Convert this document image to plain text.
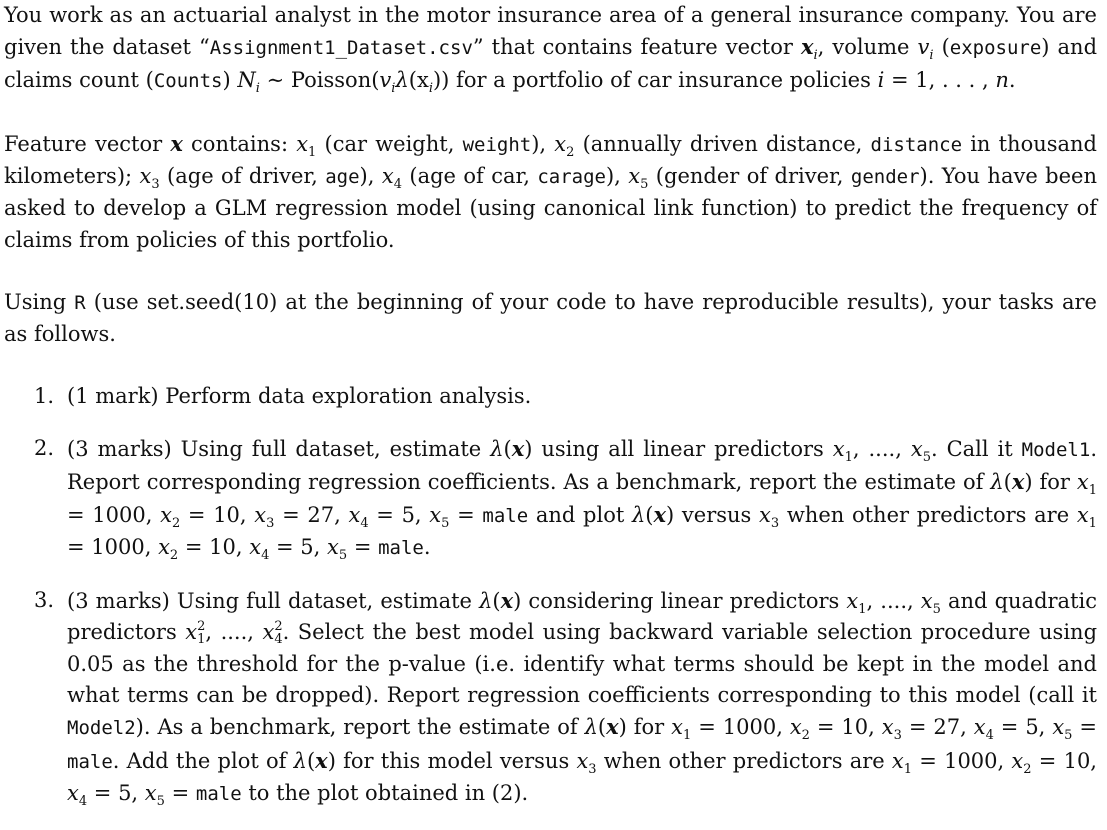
You work as an actuarial analyst in the motor insurance area of a general insurance company. You are given the dataset “Assignment1_Dataset.csv” that contains feature vector $x_i$, volume $v_i$ (exposure) and claims count (Counts) $N_i$ ∼ $Poisson(v_i\lambda(x_i))$ for a portfolio of car insurance policies i = 1, . . . , n.

Feature vector x contains: $x_1$ (car weight, weight), $x_2$ (annually driven distance, distance in thousand kilometers); $x_3$ (age of driver, age), $x_4$ (age of car, carage), $x_5$ (gender of driver, gender). You have been asked to develop a GLM regression model (using canonical link function) to predict the frequency of claims from policies of this portfolio.

Using R (use set.seed(10) at the beginning of your code to have reproducible results), your tasks are as follows.

1. (1 mark) Perform data exploration analysis.
2. (3 marks) Using full dataset, estimate λ(x) using all linear predictors $x_1$, ...., $x_5$. Call it Model1. Report corresponding regression coefficients. As a benchmark, report the estimate of λ(x) for $x_1 = 1000$, $x_2 = 10$, $x_3 = 27$, $x_4 = 5$, $x_5$ = male and plot λ(x) versus $x_3$ when other predictors are $x_1 = 1000$, $x_2 = 10$, $x_4 = 5$, $x_5$ = male.
3. (3 marks) Using full dataset, estimate λ(x) considering linear predictors $x_1$, ...., $x_5$ and quadratic predictors x 2
1 , ...., x 2
4 . Select the best model using backward variable selection procedure using 0.05 as the threshold for the p-value (i.e. identify what terms should be kept in the model and what terms can be dropped). Report regression coefficients corresponding to this model (call it Model2). As a benchmark, report the estimate of λ(x) for $x_1 = 1000$, $x_2 = 10$, $x_3 = 27$, $x_4 = 5$, $x_5$ = male. Add the plot of λ(x) for this model versus $x_3$ when other predictors are $x_1 = 1000$, $x_2 = 10$, $x_4 = 5$, $x_5$ = male to the plot obtained in (2).
